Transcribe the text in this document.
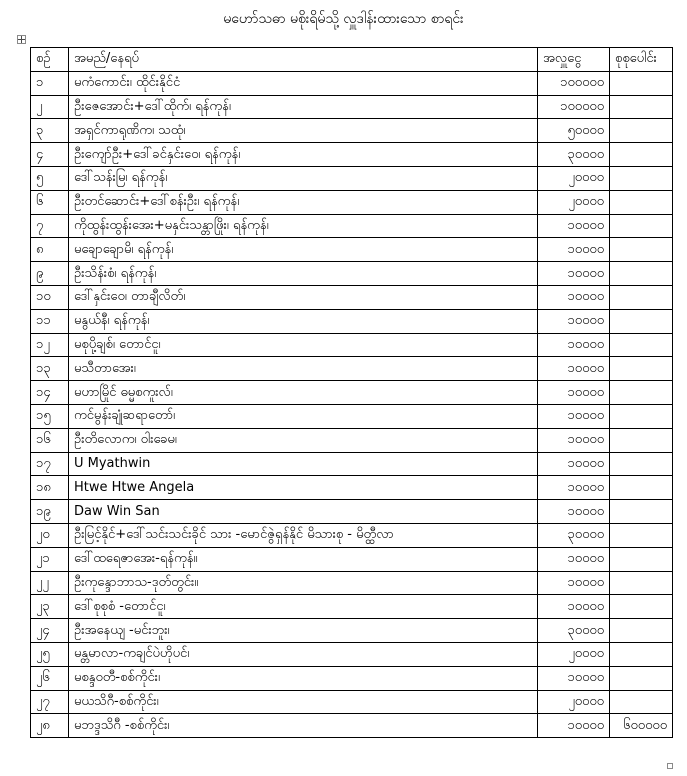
မဟော်သဓာ မစိုးရိမ်သို့ လှူဒါန်းထားသော စာရင်း
စဉ်	အမည်/နေရပ်	အလှူငွေ	စုစုပေါင်း
၁	မကံကောင်း၊ ထိုင်းနိုင်ငံ	၁၀၀၀၀၀	
၂	ဦးဇေအောင်း+ဒေါ်ထိုက်၊ ရန်ကုန်၊	၁၀၀၀၀၀	
၃	အရှင်ကာရုဏိက၊ သထုံ၊	၅၀၀၀၀	
၄	ဦးကျော်ဦး+ဒေါ်ခင်နှင်းဝေ၊ ရန်ကုန်၊	၃၀၀၀၀	
၅	ဒေါ်သန်းမြ၊ ရန်ကုန်၊	၂၀၀၀၀	
၆	ဦးတင်ဆောင်း+ဒေါ်စန်းဦး၊ ရန်ကုန်၊	၂၀၀၀၀	
၇	ကိုထွန်းထွန်းအေး+မနှင်းသန္တာဖြိုး၊ ရန်ကုန်၊	၁၀၀၀၀	
၈	မချောချောမိ၊ ရန်ကုန်၊	၁၀၀၀၀	
၉	ဦးသိန်းစံ၊ ရန်ကုန်၊	၁၀၀၀၀	
၁၀	ဒေါ်နှင်းဝေ၊ တာချီလိတ်၊	၁၀၀၀၀	
၁၁	မနွယ်နီ၊ ရန်ကုန်၊	၁၀၀၀၀	
၁၂	မစုပို့ချစ်၊ တောင်ငူ၊	၁၀၀၀၀	
၁၃	မသီတာအေး၊	၁၀၀၀၀	
၁၄	မဟာမြိုင် ဓမ္မစကူးလ်၊	၁၀၀၀၀	
၁၅	ကင်မွန်းချုံဆရာတော်၊	၁၀၀၀၀	
၁၆	ဦးတိလောက၊ ဝါးခေမ၊	၁၀၀၀၀	
၁၇	U Myathwin	၁၀၀၀၀	
၁၈	Htwe Htwe Angela	၁၀၀၀၀	
၁၉	Daw Win San	၁၀၀၀၀	
၂၀	ဦးမြင့်နိုင်+ဒေါ်သင်းသင်းခိုင် သား -မောင်ဇွဲရှန်နိုင် မိသားစု - မိတ္ထီလာ	၃၀၀၀၀	
၂၁	ဒေါ်ထရေဇာအေး-ရန်ကုန်။	၁၀၀၀၀	
၂၂	ဦးကုန္ဒောဘာသ-ဒုတ်တွင်း။	၁၀၀၀၀	
၂၃	ဒေါ်စုစုစံ -တောင်ငူ၊	၁၀၀၀၀	
၂၄	ဦးအနေယျ -မင်းဘူး၊	၃၀၀၀၀	
၂၅	မန္တမာလာ-ကချင်ပဲဟိုပင်၊	၂၀၀၀၀	
၂၆	မစန္ဒဝတီ-စစ်ကိုင်း၊	၁၀၀၀၀	
၂၇	မယသိဂီ-စစ်ကိုင်း၊	၂၀၀၀၀	
၂၈	မဘဒ္ဒသိဂီ -စစ်ကိုင်း၊	၁၀၀၀၀	၆၀၀၀၀၀
